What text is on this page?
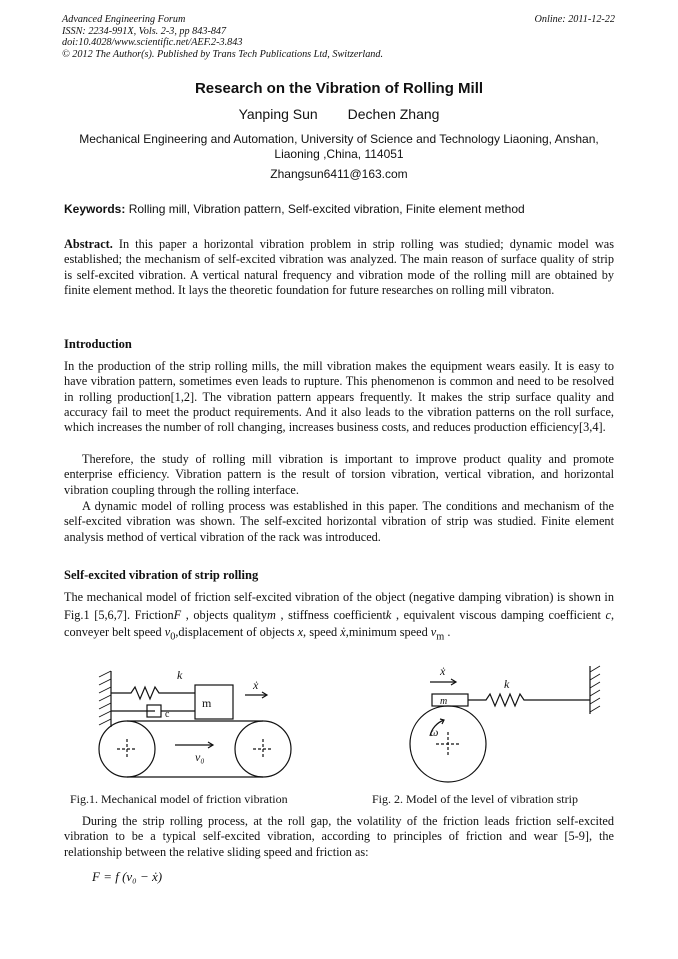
Advanced Engineering Forum
ISSN: 2234-991X, Vols. 2-3, pp 843-847
doi:10.4028/www.scientific.net/AEF.2-3.843
© 2012 The Author(s). Published by Trans Tech Publications Ltd, Switzerland.
Online: 2011-12-22
Research on the Vibration of Rolling Mill
Yanping Sun Dechen Zhang
Mechanical Engineering and Automation, University of Science and Technology Liaoning, Anshan, Liaoning ,China, 114051
Zhangsun6411@163.com
Keywords: Rolling mill, Vibration pattern, Self-excited vibration, Finite element method
Abstract. In this paper a horizontal vibration problem in strip rolling was studied; dynamic model was established; the mechanism of self-excited vibration was analyzed. The main reason of surface quality of strip is self-excited vibration. A vertical natural frequency and vibration mode of the rolling mill are obtained by finite element method. It lays the theoretic foundation for future researches on rolling mill vibraton.
Introduction
In the production of the strip rolling mills, the mill vibration makes the equipment wears easily. It is easy to have vibration pattern, sometimes even leads to rupture. This phenomenon is common and need to be resolved in rolling production[1,2]. The vibration pattern appears frequently. It makes the strip surface quality and accuracy fail to meet the product requirements. And it also leads to the vibration patterns on the roll surface, which increases the number of roll changing, increases business costs, and reduces production efficiency[3,4].
Therefore, the study of rolling mill vibration is important to improve product quality and promote enterprise efficiency. Vibration pattern is the result of torsion vibration, vertical vibration, and horizontal vibration coupling through the rolling interface.
A dynamic model of rolling process was established in this paper. The conditions and mechanism of the self-excited vibration was shown. The self-excited horizontal vibration of strip was studied. Finite element analysis method of vertical vibration of the rack was introduced.
Self-excited vibration of strip rolling
The mechanical model of friction self-excited vibration of the object (negative damping vibration) is shown in Fig.1 [5,6,7]. FrictionF , objects qualitym , stiffness coefficientk , equivalent viscous damping coefficient c, conveyer belt speed $v_0,displacement$ of objects x, speed ẋ,minimum speed $v_m$ .
k
m
c
ẋ
v₀
Fig.1. Mechanical model of friction vibration
m
k
ẋ
ω
Fig. 2. Model of the level of vibration strip
During the strip rolling process, at the roll gap, the volatility of the friction leads friction self-excited vibration to be a typical self-excited vibration, according to principles of friction and wear [5-9], the relationship between the relative sliding speed and friction as:
F = f (v₀ − ẋ)
